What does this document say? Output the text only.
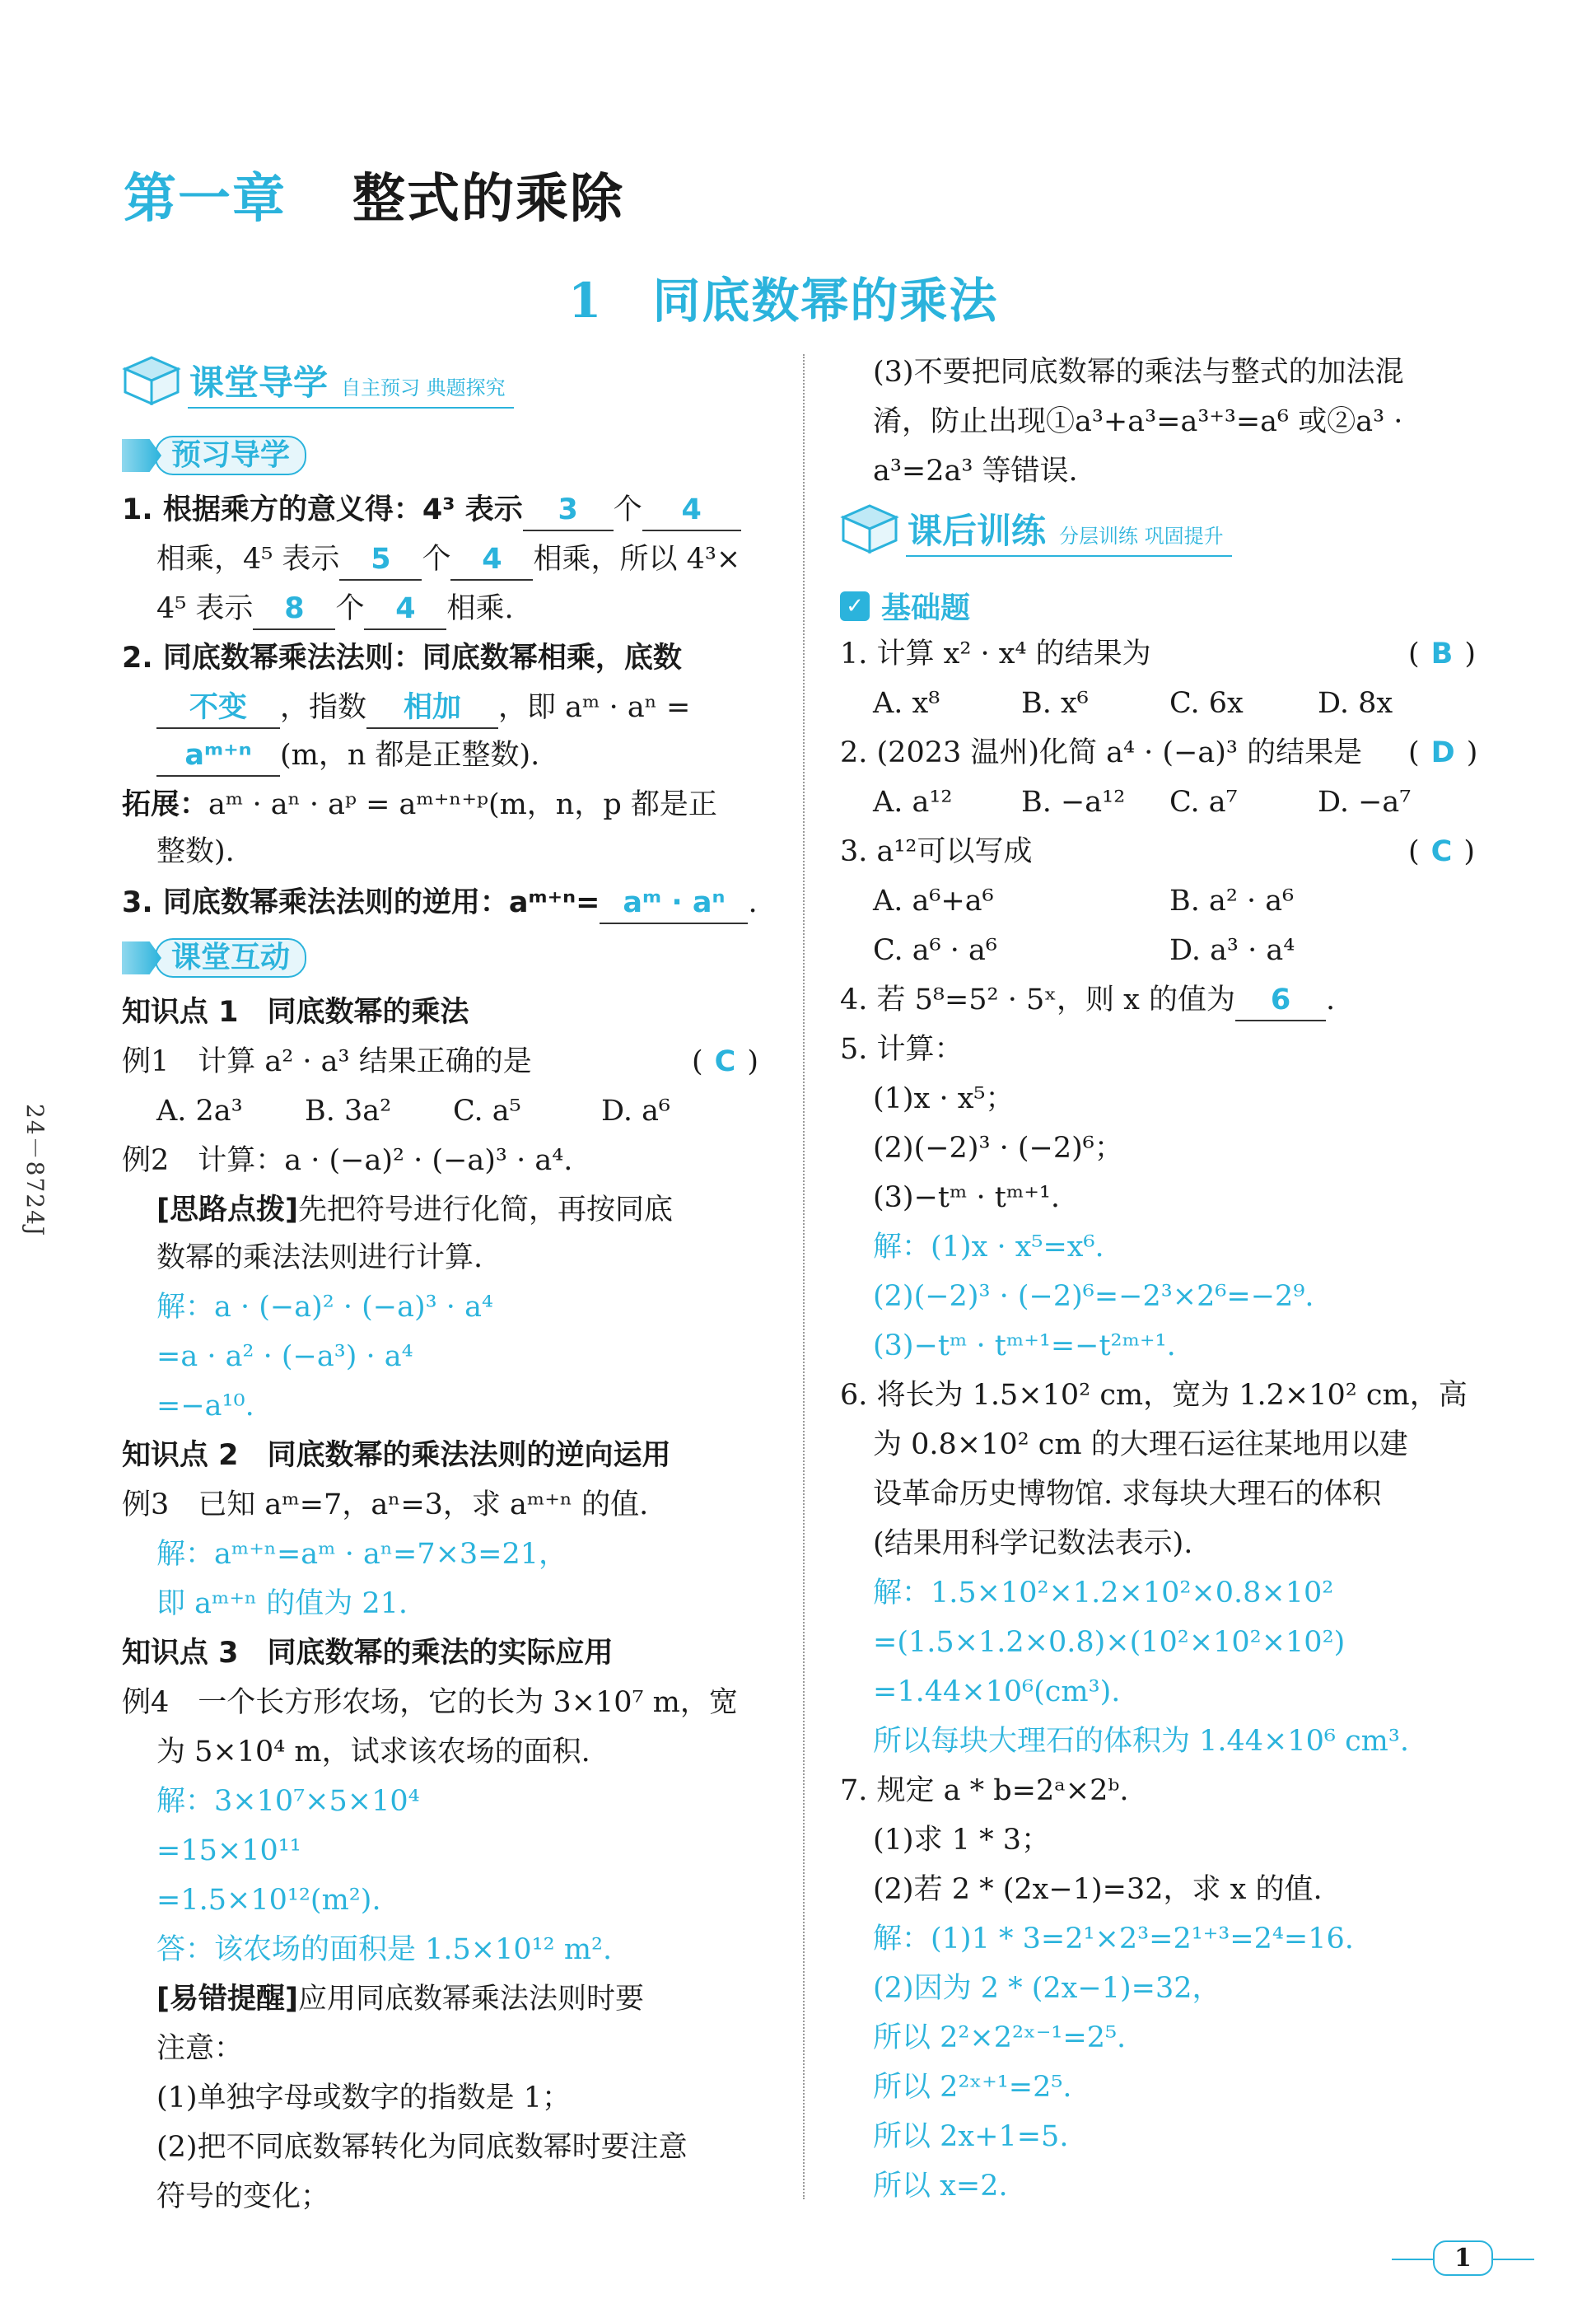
第一章 整式的乘除
1 同底数幂的乘法
课堂导学 自主预习 典题探究
预习导学
1. 根据乘方的意义得：4³ 表示 3 个 4
相乘，4⁵ 表示 5 个 4 相乘，所以 4³×
4⁵ 表示 8 个 4 相乘.
2. 同底数幂乘法法则：同底数幂相乘，底数
不变 ，指数 相加 ，即 aᵐ · aⁿ =
aᵐ⁺ⁿ (m，n 都是正整数).
拓展：aᵐ · aⁿ · aᵖ = aᵐ⁺ⁿ⁺ᵖ(m，n，p 都是正
整数).
3. 同底数幂乘法法则的逆用：aᵐ⁺ⁿ= aᵐ · aⁿ .
课堂互动
知识点 1　同底数幂的乘法
例1　计算 a² · a³ 结果正确的是	( C )
A. 2a³ B. 3a² C. a⁵	D. a⁶
例2　计算：a · (−a)² · (−a)³ · a⁴.
[思路点拨]先把符号进行化简，再按同底
数幂的乘法法则进行计算.
解：a · (−a)² · (−a)³ · a⁴
=a · a² · (−a³) · a⁴
=−a¹⁰.
知识点 2　同底数幂的乘法法则的逆向运用
例3　已知 aᵐ=7，aⁿ=3，求 aᵐ⁺ⁿ 的值.
解：aᵐ⁺ⁿ=aᵐ · aⁿ=7×3=21，
即 aᵐ⁺ⁿ 的值为 21.
知识点 3　同底数幂的乘法的实际应用
例4　一个长方形农场，它的长为 3×10⁷ m，宽
为 5×10⁴ m，试求该农场的面积.
解：3×10⁷×5×10⁴
=15×10¹¹
=1.5×10¹²(m²).
答：该农场的面积是 1.5×10¹² m².
[易错提醒]应用同底数幂乘法法则时要
注意：
(1)单独字母或数字的指数是 1；
(2)把不同底数幂转化为同底数幂时要注意
符号的变化；
(3)不要把同底数幂的乘法与整式的加法混
淆，防止出现①a³+a³=a³⁺³=a⁶ 或②a³ ·
a³=2a³ 等错误.
课后训练 分层训练 巩固提升
✓ 基础题
1. 计算 x² · x⁴ 的结果为	( B )
A. x⁸	B. x⁶	C. 6x	D. 8x
2. (2023 温州)化简 a⁴ · (−a)³ 的结果是 ( D )
A. a¹² B. −a¹² C. a⁷	D. −a⁷
3. a¹²可以写成	( C )
A. a⁶+a⁶	B. a² · a⁶
C. a⁶ · a⁶	D. a³ · a⁴
4. 若 5⁸=5² · 5ˣ，则 x 的值为 6 .
5. 计算：
(1)x · x⁵；
(2)(−2)³ · (−2)⁶；
(3)−tᵐ · tᵐ⁺¹.
解：(1)x · x⁵=x⁶.
(2)(−2)³ · (−2)⁶=−2³×2⁶=−2⁹.
(3)−tᵐ · tᵐ⁺¹=−t²ᵐ⁺¹.
6. 将长为 1.5×10² cm，宽为 1.2×10² cm，高
为 0.8×10² cm 的大理石运往某地用以建
设革命历史博物馆. 求每块大理石的体积
(结果用科学记数法表示).
解：1.5×10²×1.2×10²×0.8×10²
=(1.5×1.2×0.8)×(10²×10²×10²)
=1.44×10⁶(cm³).
所以每块大理石的体积为 1.44×10⁶ cm³.
7. 规定 a * b=2ᵃ×2ᵇ.
(1)求 1 * 3；
(2)若 2 * (2x−1)=32，求 x 的值.
解：(1)1 * 3=2¹×2³=2¹⁺³=2⁴=16.
(2)因为 2 * (2x−1)=32，
所以 2²×2²ˣ⁻¹=2⁵.
所以 2²ˣ⁺¹=2⁵.
所以 2x+1=5.
所以 x=2.
24－8724J
1
